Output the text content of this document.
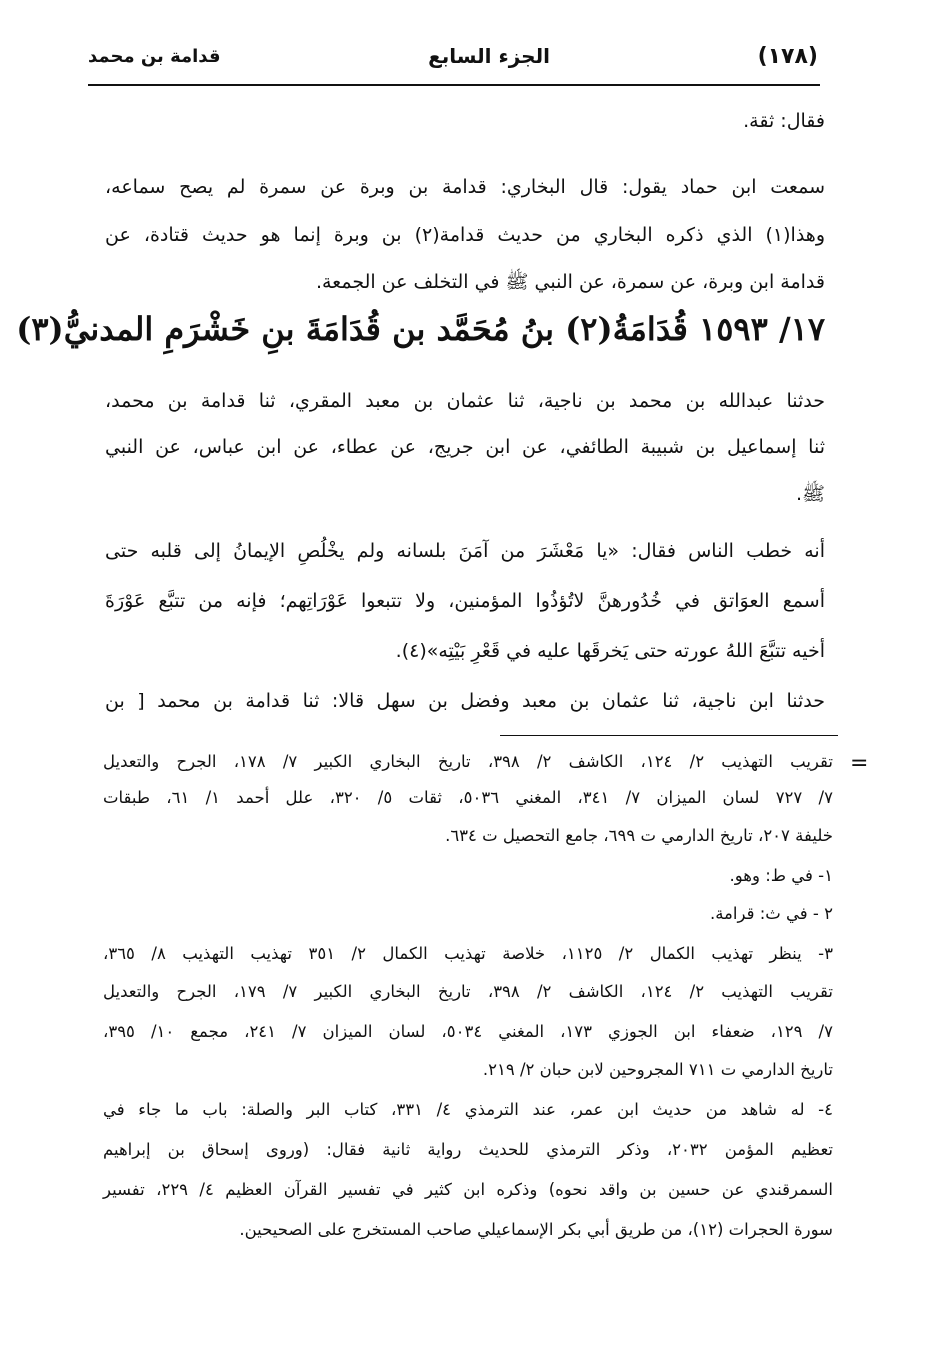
(١٧٨)
الجزء السابع
قدامة بن محمد
فقال: ثقة.
سمعت ابن حماد يقول: قال البخاري: قدامة بن وبرة عن سمرة لم يصح سماعه،
وهذا(١) الذي ذكره البخاري من حديث قدامة(٢) بن وبرة إنما هو حديث قتادة، عن
قدامة ابن وبرة، عن سمرة، عن النبي ﷺ في التخلف عن الجمعة.
١٧/ ١٥٩٣ قُدَامَةُ(٢) بنُ مُحَمَّد بن قُدَامَةَ بنِ خَشْرَمِ المدنيُّ(٣)
حدثنا عبدالله بن محمد بن ناجية، ثنا عثمان بن معبد المقري، ثنا قدامة بن محمد،
ثنا إسماعيل بن شبيبة الطائفي، عن ابن جريج، عن عطاء، عن ابن عباس، عن النبي
ﷺ.
أنه خطب الناس فقال: «يا مَعْشَرَ من آمَنَ بلسانه ولم يخْلُصِ الإيمانُ إلى قلبه حتى
أسمع العوَاتق في خُدُورهنَّ لاتُؤذُوا المؤمنين، ولا تتبعوا عَوْرَاتِهم؛ فإنه من تتبَّع عَوْرَةَ
أخيه تتبَّعَ اللهُ عورته حتى يَخرقَها عليه في قَعْرِ بَيْتِه»(٤).
حدثنا ابن ناجية، ثنا عثمان بن معبد وفضل بن سهل قالا: ثنا قدامة بن محمد [ بن
=
تقريب التهذيب ٢/ ١٢٤، الكاشف ٢/ ٣٩٨، تاريخ البخاري الكبير ٧/ ١٧٨، الجرح والتعديل
٧/ ٧٢٧ لسان الميزان ٧/ ٣٤١، المغني ٥٠٣٦، ثقات ٥/ ٣٢٠، علل أحمد ١/ ٦١، طبقات
خليفة ٢٠٧، تاريخ الدارمي ت ٦٩٩، جامع التحصيل ت ٦٣٤.
١- في ط: وهو.
٢ - في ث: قرامة.
٣- ينظر تهذيب الكمال ٢/ ١١٢٥، خلاصة تهذيب الكمال ٢/ ٣٥١ تهذيب التهذيب ٨/ ٣٦٥،
تقريب التهذيب ٢/ ١٢٤، الكاشف ٢/ ٣٩٨، تاريخ البخاري الكبير ٧/ ١٧٩، الجرح والتعديل
٧/ ١٢٩، ضعفاء ابن الجوزي ١٧٣، المغني ٥٠٣٤، لسان الميزان ٧/ ٢٤١، مجمع ١٠/ ٣٩٥،
تاريخ الدارمي ت ٧١١ المجروحين لابن حبان ٢/ ٢١٩.
٤- له شاهد من حديث ابن عمر، عند الترمذي ٤/ ٣٣١، كتاب البر والصلة: باب ما جاء في
تعظيم المؤمن ٢٠٣٢، وذكر الترمذي للحديث رواية ثانية فقال: (وروى إسحاق بن إبراهيم
السمرقندي عن حسين بن واقد نحوه) وذكره ابن كثير في تفسير القرآن العظيم ٤/ ٢٢٩، تفسير
سورة الحجرات (١٢)، من طريق أبي بكر الإسماعيلي صاحب المستخرج على الصحيحين.
